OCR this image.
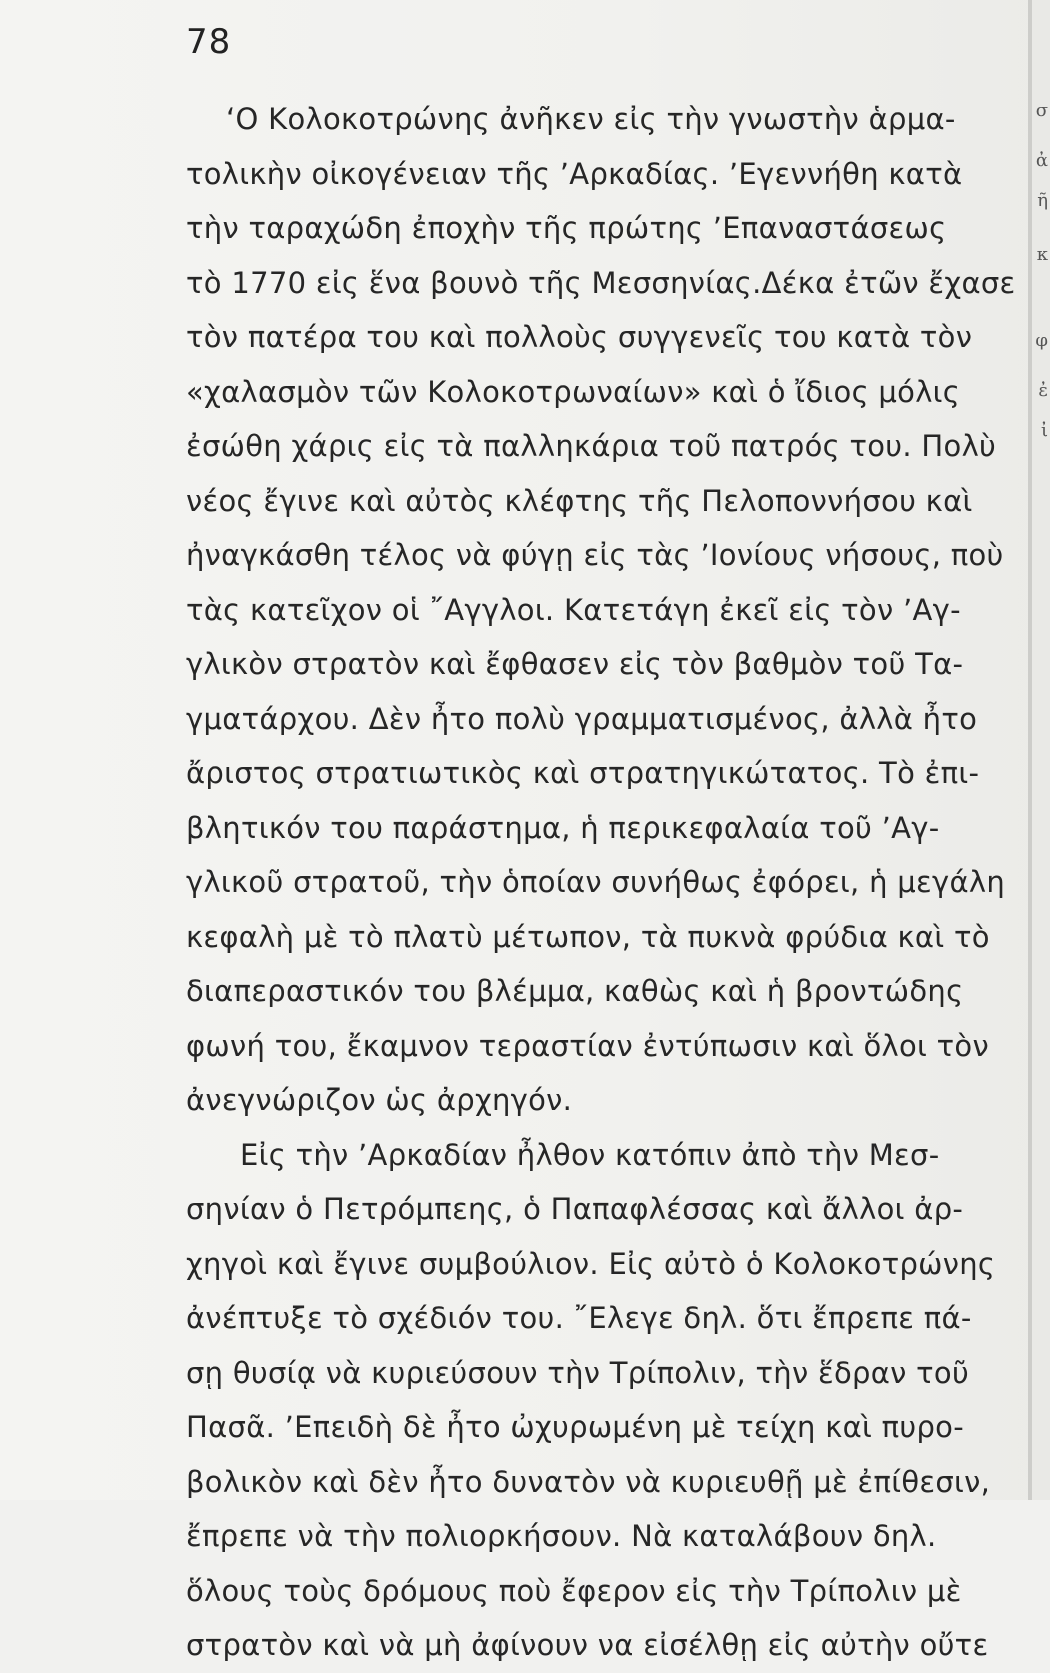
78
‘Ο Κολοκοτρώνης ἀνῆκεν εἰς τὴν γνωστὴν ἁρμα-
τολικὴν οἰκογένειαν τῆς ’Αρκαδίας. ’Εγεννήθη κατὰ
τὴν ταραχώδη ἐποχὴν τῆς πρώτης ’Επαναστάσεως
τὸ 1770 εἰς ἕνα βουνὸ τῆς Μεσσηνίας.Δέκα ἐτῶν ἔχασε
τὸν πατέρα του καὶ πολλοὺς συγγενεῖς του κατὰ τὸν
«χαλασμὸν τῶν Κολοκοτρωναίων» καὶ ὁ ἴδιος μόλις
ἐσώθη χάρις εἰς τὰ παλληκάρια τοῦ πατρός του. Πολὺ
νέος ἔγινε καὶ αὐτὸς κλέφτης τῆς Πελοποννήσου καὶ
ἠναγκάσθη τέλος νὰ φύγῃ εἰς τὰς ’Ιονίους νήσους, ποὺ
τὰς κατεῖχον οἱ ῎Αγγλοι. Κατετάγη ἐκεῖ εἰς τὸν ’Αγ-
γλικὸν στρατὸν καὶ ἔφθασεν εἰς τὸν βαθμὸν τοῦ Τα-
γματάρχου. Δὲν ἦτο πολὺ γραμματισμένος, ἀλλὰ ἦτο
ἄριστος στρατιωτικὸς καὶ στρατηγικώτατος. Τὸ ἐπι-
βλητικόν του παράστημα, ἡ περικεφαλαία τοῦ ’Αγ-
γλικοῦ στρατοῦ, τὴν ὁποίαν συνήθως ἐφόρει, ἡ μεγάλη
κεφαλὴ μὲ τὸ πλατὺ μέτωπον, τὰ πυκνὰ φρύδια καὶ τὸ
διαπεραστικόν του βλέμμα, καθὼς καὶ ἡ βροντώδης
φωνή του, ἔκαμνον τεραστίαν ἐντύπωσιν καὶ ὅλοι τὸν
ἀνεγνώριζον ὡς ἀρχηγόν.
Εἰς τὴν ’Αρκαδίαν ἦλθον κατόπιν ἀπὸ τὴν Μεσ-
σηνίαν ὁ Πετρόμπεης, ὁ Παπαφλέσσας καὶ ἄλλοι ἀρ-
χηγοὶ καὶ ἔγινε συμβούλιον. Εἰς αὐτὸ ὁ Κολοκοτρώνης
ἀνέπτυξε τὸ σχέδιόν του. ῎Ελεγε δηλ. ὅτι ἔπρεπε πά-
σῃ θυσίᾳ νὰ κυριεύσουν τὴν Τρίπολιν, τὴν ἕδραν τοῦ
Πασᾶ. ’Επειδὴ δὲ ἦτο ὠχυρωμένη μὲ τείχη καὶ πυρο-
βολικὸν καὶ δὲν ἦτο δυνατὸν νὰ κυριευθῇ μὲ ἐπίθεσιν,
ἔπρεπε νὰ τὴν πολιορκήσουν. Νὰ καταλάβουν δηλ.
ὅλους τοὺς δρόμους ποὺ ἔφερον εἰς τὴν Τρίπολιν μὲ
στρατὸν καὶ νὰ μὴ ἀφίνουν να εἰσέλθῃ εἰς αὐτὴν οὔτε
σ
ἀ
ῆ
κ
φ
ἐ
ἰ
